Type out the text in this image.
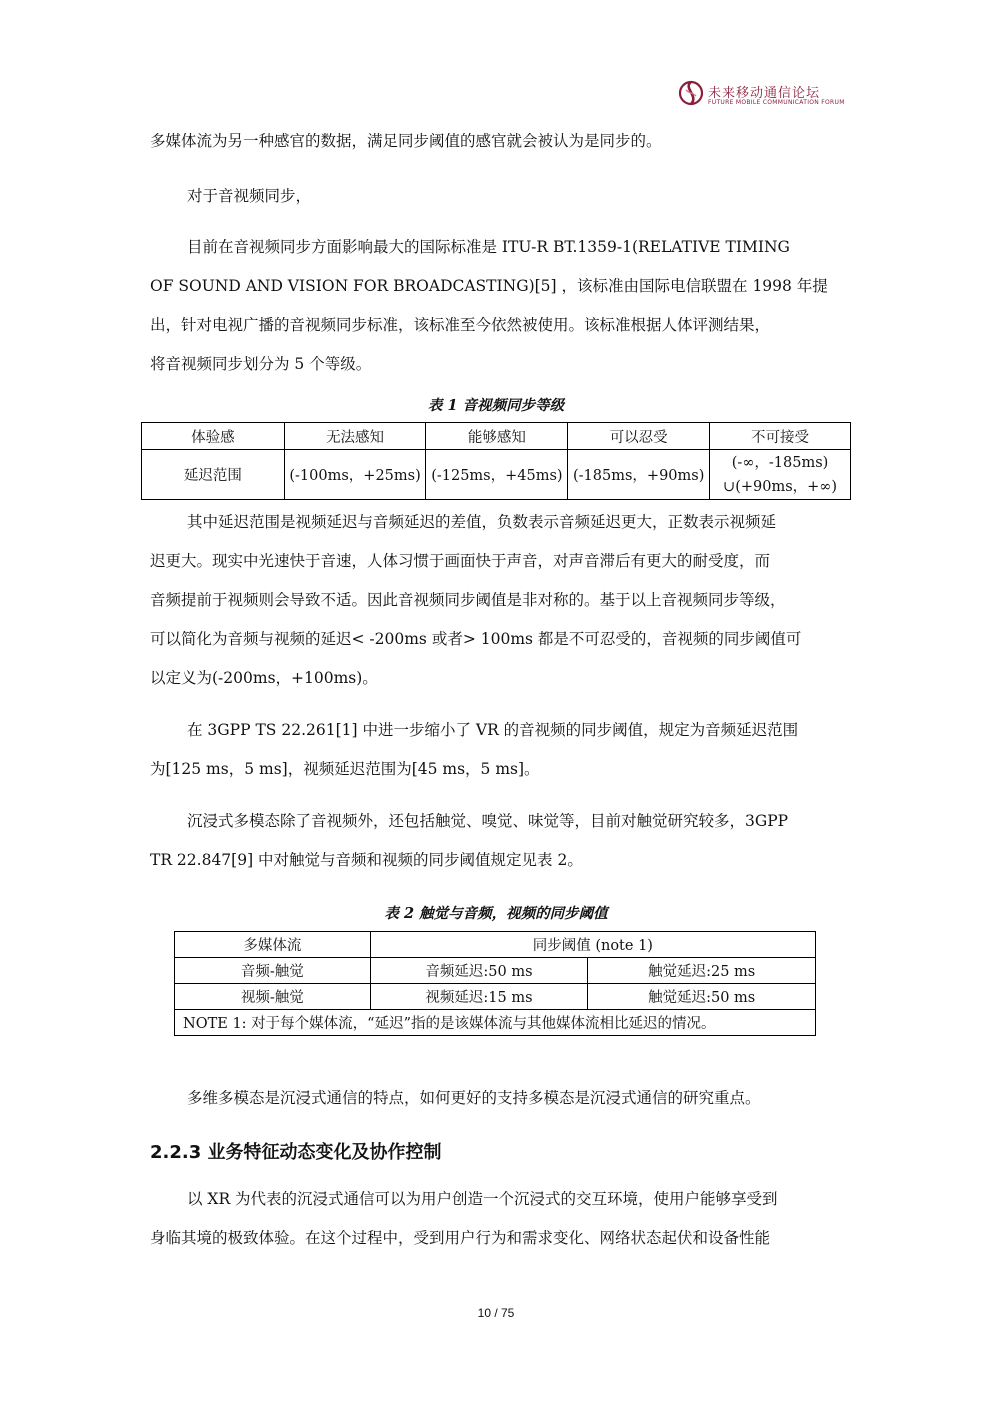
未来移动通信论坛
FUTURE MOBILE COMMUNICATION FORUM
多媒体流为另一种感官的数据，满足同步阈值的感官就会被认为是同步的。
对于音视频同步，
目前在音视频同步方面影响最大的国际标准是 ITU-R BT.1359-1(RELATIVE TIMING
OF SOUND AND VISION FOR BROADCASTING)[5] ，该标准由国际电信联盟在 1998 年提
出，针对电视广播的音视频同步标准，该标准至今依然被使用。该标准根据人体评测结果，
将音视频同步划分为 5 个等级。
表 1 音视频同步等级
体验感	无法感知	能够感知	可以忍受	不可接受
延迟范围	(-100ms，+25ms)	(-125ms，+45ms)	(-185ms，+90ms)	(-∞，-185ms)
∪(+90ms，+∞)
其中延迟范围是视频延迟与音频延迟的差值，负数表示音频延迟更大，正数表示视频延
迟更大。现实中光速快于音速，人体习惯于画面快于声音，对声音滞后有更大的耐受度，而
音频提前于视频则会导致不适。因此音视频同步阈值是非对称的。基于以上音视频同步等级，
可以简化为音频与视频的延迟< -200ms 或者> 100ms 都是不可忍受的，音视频的同步阈值可
以定义为(-200ms，+100ms)。
在 3GPP TS 22.261[1] 中进一步缩小了 VR 的音视频的同步阈值，规定为音频延迟范围
为[125 ms，5 ms]，视频延迟范围为[45 ms，5 ms]。
沉浸式多模态除了音视频外，还包括触觉、嗅觉、味觉等，目前对触觉研究较多，3GPP
TR 22.847[9] 中对触觉与音频和视频的同步阈值规定见表 2。
表 2 触觉与音频，视频的同步阈值
多媒体流	同步阈值 (note 1)	
音频-触觉	音频延迟:50 ms	触觉延迟:25 ms
视频-触觉	视频延迟:15 ms	触觉延迟:50 ms
NOTE 1: 对于每个媒体流，“延迟”指的是该媒体流与其他媒体流相比延迟的情况。		
多维多模态是沉浸式通信的特点，如何更好的支持多模态是沉浸式通信的研究重点。
2.2.3 业务特征动态变化及协作控制
以 XR 为代表的沉浸式通信可以为用户创造一个沉浸式的交互环境，使用户能够享受到
身临其境的极致体验。在这个过程中，受到用户行为和需求变化、网络状态起伏和设备性能
10 / 75
